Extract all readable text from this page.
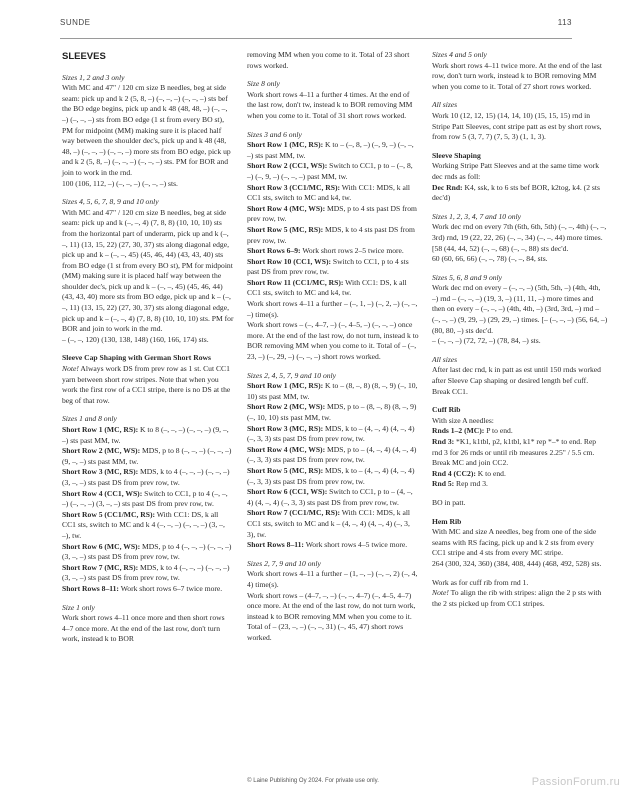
SUNDE	113
SLEEVES

Sizes 1, 2 and 3 only

With MC and 47" / 120 cm size B needles, beg at side seam: pick up and k 2 (5, 8, –) (–, –, –) (–, –, –) sts bef the BO edge begins, pick up and k 48 (48, 48, –) (–, –, –) (–, –, –) sts from BO edge (1 st from every BO st), PM for midpoint (MM) making sure it is placed half way between the shoulder dec's, pick up and k 48 (48, 48, –) (–, –, –) (–, –, –) more sts from BO edge, pick up and k 2 (5, 8, –) (–, –, –) (–, –, –) sts. PM for BOR and join to work in the rnd.

100 (106, 112, –) (–, –, –) (–, –, –) sts.

Sizes 4, 5, 6, 7, 8, 9 and 10 only

With MC and 47" / 120 cm size B needles, beg at side seam: pick up and k (–, –, 4) (7, 8, 8) (10, 10, 10) sts from the horizontal part of underarm, pick up and k (–, –, 11) (13, 15, 22) (27, 30, 37) sts along diagonal edge, pick up and k – (–, –, 45) (45, 46, 44) (43, 43, 40) sts from BO edge (1 st from every BO st), PM for midpoint (MM) making sure it is placed half way between the shoulder dec's, pick up and k – (–, –, 45) (45, 46, 44) (43, 43, 40) more sts from BO edge, pick up and k – (–, –, 11) (13, 15, 22) (27, 30, 37) sts along diagonal edge, pick up and k – (–, –, 4) (7, 8, 8) (10, 10, 10) sts. PM for BOR and join to work in the rnd.

– (–, –, 120) (130, 138, 148) (160, 166, 174) sts.

Sleeve Cap Shaping with German Short Rows

Note! Always work DS from prev row as 1 st. Cut CC1 yarn between short row stripes. Note that when you work the first row of a CC1 stripe, there is no DS at the beg of that row.

Sizes 1 and 8 only

Short Row 1 (MC, RS): K to 8 (–, –, –) (–, –, –) (9, –, –) sts past MM, tw.

Short Row 2 (MC, WS): MDS, p to 8 (–, –, –) (–, –, –) (9, –, –) sts past MM, tw.

Short Row 3 (MC, RS): MDS, k to 4 (–, –, –) (–, –, –) (3, –, –) sts past DS from prev row, tw.

Short Row 4 (CC1, WS): Switch to CC1, p to 4 (–, –, –) (–, –, –) (3, –, –) sts past DS from prev row, tw.

Short Row 5 (CC1/MC, RS): With CC1: DS, k all CC1 sts, switch to MC and k 4 (–, –, –) (–, –, –) (3, –, –), tw.

Short Row 6 (MC, WS): MDS, p to 4 (–, –, –) (–, –, –) (3, –, –) sts past DS from prev row, tw.

Short Row 7 (MC, RS): MDS, k to 4 (–, –, –) (–, –, –) (3, –, –) sts past DS from prev row, tw.

Short Rows 8–11: Work short rows 6–7 twice more.

Size 1 only

Work short rows 4–11 once more and then short rows 4–7 once more. At the end of the last row, don't turn work, instead k to BOR

removing MM when you come to it. Total of 23 short rows worked.

Size 8 only

Work short rows 4–11 a further 4 times. At the end of the last row, don't tw, instead k to BOR removing MM when you come to it. Total of 31 short rows worked.

Sizes 3 and 6 only

Short Row 1 (MC, RS): K to – (–, 8, –) (–, 9, –) (–, –, –) sts past MM, tw.

Short Row 2 (CC1, WS): Switch to CC1, p to – (–, 8, –) (–, 9, –) (–, –, –) past MM, tw.

Short Row 3 (CC1/MC, RS): With CC1: MDS, k all CC1 sts, switch to MC and k4, tw.

Short Row 4 (MC, WS): MDS, p to 4 sts past DS from prev row, tw.

Short Row 5 (MC, RS): MDS, k to 4 sts past DS from prev row, tw.

Short Rows 6–9: Work short rows 2–5 twice more.

Short Row 10 (CC1, WS): Switch to CC1, p to 4 sts past DS from prev row, tw.

Short Row 11 (CC1/MC, RS): With CC1: DS, k all CC1 sts, switch to MC and k4, tw.

Work short rows 4–11 a further – (–, 1, –) (–, 2, –) (–, –, –) time(s).

Work short rows – (–, 4–7, –) (–, 4–5, –) (–, –, –) once more. At the end of the last row, do not turn, instead k to BOR removing MM when you come to it. Total of – (–, 23, –) (–, 29, –) (–, –, –) short rows worked.

Sizes 2, 4, 5, 7, 9 and 10 only

Short Row 1 (MC, RS): K to – (8, –, 8) (8, –, 9) (–, 10, 10) sts past MM, tw.

Short Row 2 (MC, WS): MDS, p to – (8, –, 8) (8, –, 9) (–, 10, 10) sts past MM, tw.

Short Row 3 (MC, RS): MDS, k to – (4, –, 4) (4, –, 4) (–, 3, 3) sts past DS from prev row, tw.

Short Row 4 (MC, WS): MDS, p to – (4, –, 4) (4, –, 4) (–, 3, 3) sts past DS from prev row, tw.

Short Row 5 (MC, RS): MDS, k to – (4, –, 4) (4, –, 4) (–, 3, 3) sts past DS from prev row, tw.

Short Row 6 (CC1, WS): Switch to CC1, p to – (4, –, 4) (4, –, 4) (–, 3, 3) sts past DS from prev row, tw.

Short Row 7 (CC1/MC, RS): With CC1: MDS, k all CC1 sts, switch to MC and k – (4, –, 4) (4, –, 4) (–, 3, 3), tw.

Short Rows 8–11: Work short rows 4–5 twice more.

Sizes 2, 7, 9 and 10 only

Work short rows 4–11 a further – (1, –, –) (–, –, 2) (–, 4, 4) time(s).

Work short rows – (4–7, –, –) (–, –, 4–7) (–, 4–5, 4–7) once more. At the end of the last row, do not turn work, instead k to BOR removing MM when you come to it. Total of – (23, –, –) (–, –, 31) (–, 45, 47) short rows worked.

Sizes 4 and 5 only

Work short rows 4–11 twice more. At the end of the last row, don't turn work, instead k to BOR removing MM when you come to it. Total of 27 short rows worked.

All sizes

Work 10 (12, 12, 15) (14, 14, 10) (15, 15, 15) rnd in Stripe Patt Sleeves, cont stripe patt as est by short rows, from row 5 (3, 7, 7) (7, 5, 3) (1, 1, 3).

Sleeve Shaping

Working Stripe Patt Sleeves and at the same time work dec rnds as foll:

Dec Rnd: K4, ssk, k to 6 sts bef BOR, k2tog, k4. (2 sts dec'd)

Sizes 1, 2, 3, 4, 7 and 10 only

Work dec rnd on every 7th (6th, 6th, 5th) (–, –, 4th) (–, –, 3rd) rnd, 19 (22, 22, 26) (–, –, 34) (–, –, 44) more times. [58 (44, 44, 52) (–, –, 68) (–, –, 88) sts dec'd.

60 (60, 66, 66) (–, –, 78) (–, –, 84, sts.

Sizes 5, 6, 8 and 9 only

Work dec rnd on every – (–, –, –) (5th, 5th, –) (4th, 4th, –) rnd – (–, –, –) (19, 3, –) (11, 11, –) more times and then on every – (–, –, –) (4th, 4th, –) (3rd, 3rd, –) rnd – (–, –, –) (9, 29, –) (29, 29, –) times. [– (–, –, –) (56, 64, –) (80, 80, –) sts dec'd.

– (–, –, –) (72, 72, –) (78, 84, –) sts.

All sizes

After last dec rnd, k in patt as est until 150 rnds worked after Sleeve Cap shaping or desired length bef cuff. Break CC1.

Cuff Rib

With size A needles:

Rnds 1–2 (MC): P to end.

Rnd 3: *K1, k1tbl, p2, k1tbl, k1* rep *–* to end. Rep rnd 3 for 26 rnds or until rib measures 2.25" / 5.5 cm. Break MC and join CC2.

Rnd 4 (CC2): K to end.

Rnd 5: Rep rnd 3.

BO in patt.

Hem Rib

With MC and size A needles, beg from one of the side seams with RS facing, pick up and k 2 sts from every CC1 stripe and 4 sts from every MC stripe.

264 (300, 324, 360) (384, 408, 444) (468, 492, 528) sts.

Work as for cuff rib from rnd 1.

Note! To align the rib with stripes: align the 2 p sts with the 2 sts picked up from CC1 stripes.

© Laine Publishing Oy 2024. For private use only.	PassionForum.ru
